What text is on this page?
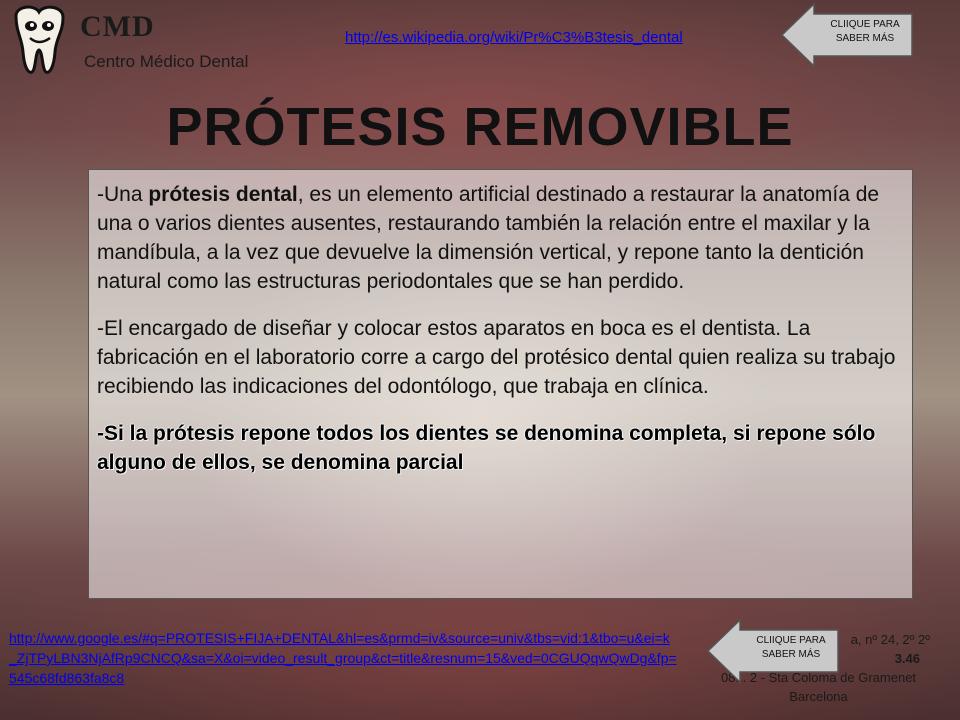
CMD
Centro Médico Dental
http://es.wikipedia.org/wiki/Pr%C3%B3tesis_dental
CLIIQUE PARA SABER MÁS
PRÓTESIS REMOVIBLE

-Una prótesis dental, es un elemento artificial destinado a restaurar la anatomía de una o varios dientes ausentes, restaurando también la relación entre el maxilar y la mandíbula, a la vez que devuelve la dimensión vertical, y repone tanto la dentición natural como las estructuras periodontales que se han perdido.

-El encargado de diseñar y colocar estos aparatos en boca es el dentista. La fabricación en el laboratorio corre a cargo del protésico dental quien realiza su trabajo recibiendo las indicaciones del odontólogo, que trabaja en clínica.

-Si la prótesis repone todos los dientes se denomina completa, si repone sólo alguno de ellos, se denomina parcial

http://www.google.es/#q=PROTESIS+FIJA+DENTAL&hl=es&prmd=iv&source=univ&tbs=vid:1&tbo=u&ei=k_ZjTPyLBN3NjAfRp9CNCQ&sa=X&oi=video_result_group&ct=title&resnum=15&ved=0CGUQqwQwDg&fp=545c68fd863fa8c8
a, nº 24, 2º 2º
3.46
08... 2 - Sta Coloma de Gramenet
Barcelona
CLIIQUE PARA SABER MÁS
